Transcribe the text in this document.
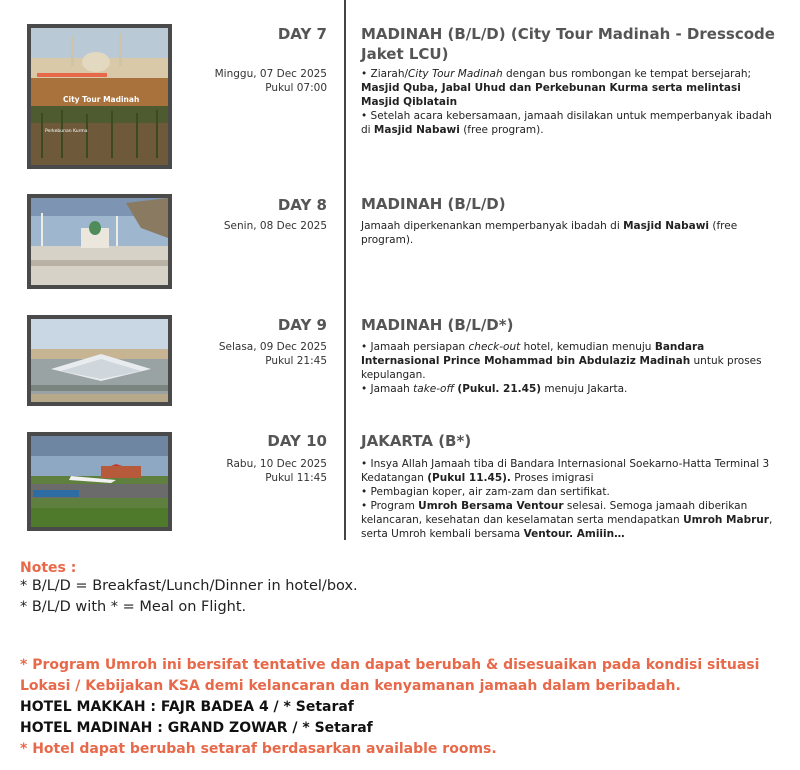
City Tour Madinah
Perkebunan Kurma
DAY 7
Minggu, 07 Dec 2025
Pukul 07:00
MADINAH (B/L/D) (City Tour Madinah - Dresscode Jaket LCU)
• Ziarah/City Tour Madinah dengan bus rombongan ke tempat bersejarah; Masjid Quba, Jabal Uhud dan Perkebunan Kurma serta melintasi Masjid Qiblatain
• Setelah acara kebersamaan, jamaah disilakan untuk memperbanyak ibadah di Masjid Nabawi (free program).
DAY 8
Senin, 08 Dec 2025
MADINAH (B/L/D)
Jamaah diperkenankan memperbanyak ibadah di Masjid Nabawi (free program).
DAY 9
Selasa, 09 Dec 2025
Pukul 21:45
MADINAH (B/L/D*)
• Jamaah persiapan check-out hotel, kemudian menuju Bandara Internasional Prince Mohammad bin Abdulaziz Madinah untuk proses kepulangan.
• Jamaah take-off (Pukul. 21.45) menuju Jakarta.
DAY 10
Rabu, 10 Dec 2025
Pukul 11:45
JAKARTA (B*)
• Insya Allah Jamaah tiba di Bandara Internasional Soekarno-Hatta Terminal 3 Kedatangan (Pukul 11.45). Proses imigrasi
• Pembagian koper, air zam-zam dan sertifikat.
• Program Umroh Bersama Ventour selesai. Semoga jamaah diberikan kelancaran, kesehatan dan keselamatan serta mendapatkan Umroh Mabrur, serta Umroh kembali bersama Ventour. Amiiin…
Notes :
* B/L/D = Breakfast/Lunch/Dinner in hotel/box.
* B/L/D with * = Meal on Flight.
* Program Umroh ini bersifat tentative dan dapat berubah & disesuaikan pada kondisi situasi Lokasi / Kebijakan KSA demi kelancaran dan kenyamanan jamaah dalam beribadah.
HOTEL MAKKAH : FAJR BADEA 4 / * Setaraf
HOTEL MADINAH : GRAND ZOWAR / * Setaraf
* Hotel dapat berubah setaraf berdasarkan available rooms.
